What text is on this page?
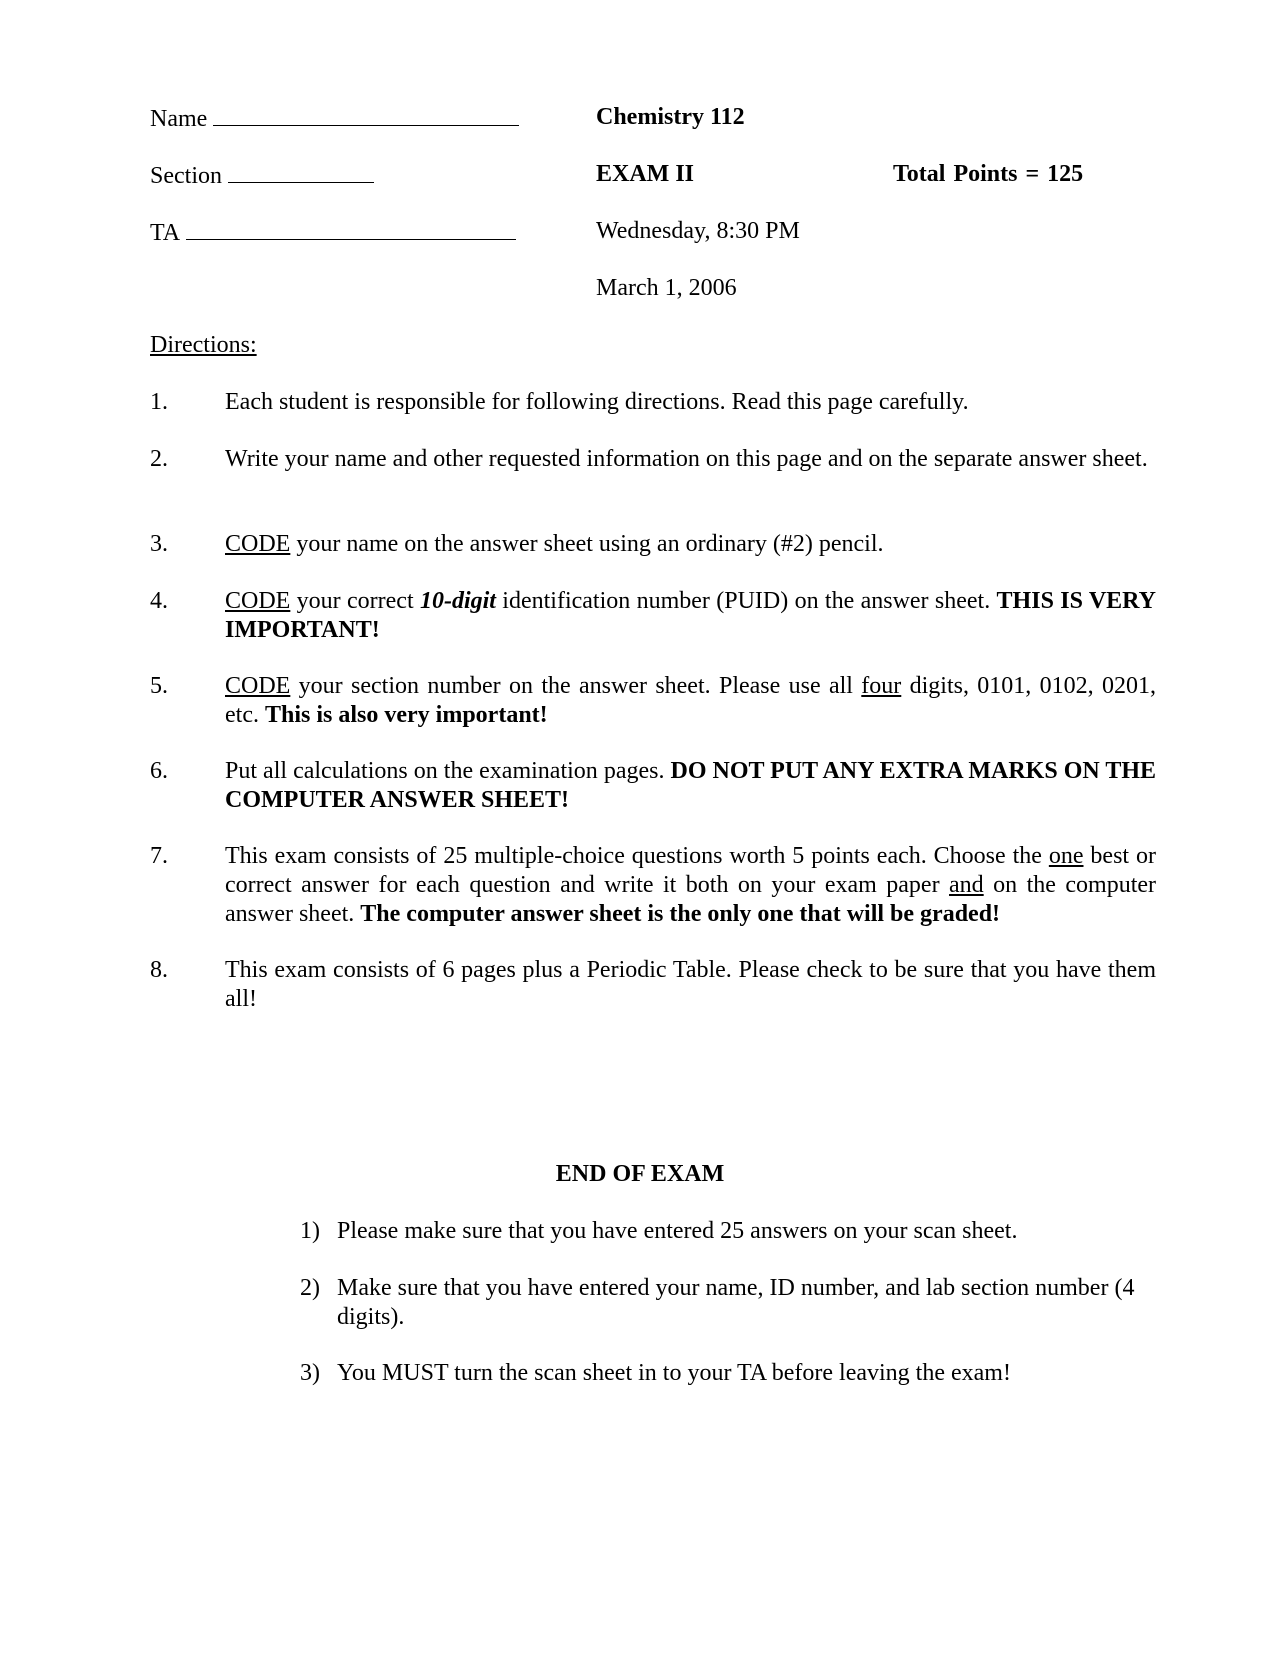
Name
Section
TA
Chemistry 112
EXAM II
Wednesday, 8:30 PM
March 1, 2006
Total Points = 125
Directions:
1. Each student is responsible for following directions. Read this page carefully.
2. Write your name and other requested information on this page and on the separate answer sheet.
3. CODE your name on the answer sheet using an ordinary (#2) pencil.
4. CODE your correct 10-digit identification number (PUID) on the answer sheet. THIS IS VERY IMPORTANT!
5. CODE your section number on the answer sheet. Please use all four digits, 0101, 0102, 0201, etc. This is also very important!
6. Put all calculations on the examination pages. DO NOT PUT ANY EXTRA MARKS ON THE COMPUTER ANSWER SHEET!
7. This exam consists of 25 multiple-choice questions worth 5 points each. Choose the one best or correct answer for each question and write it both on your exam paper and on the computer answer sheet. The computer answer sheet is the only one that will be graded!
8. This exam consists of 6 pages plus a Periodic Table. Please check to be sure that you have them all!
END OF EXAM
1) Please make sure that you have entered 25 answers on your scan sheet.
2) Make sure that you have entered your name, ID number, and lab section number (4 digits).
3) You MUST turn the scan sheet in to your TA before leaving the exam!
